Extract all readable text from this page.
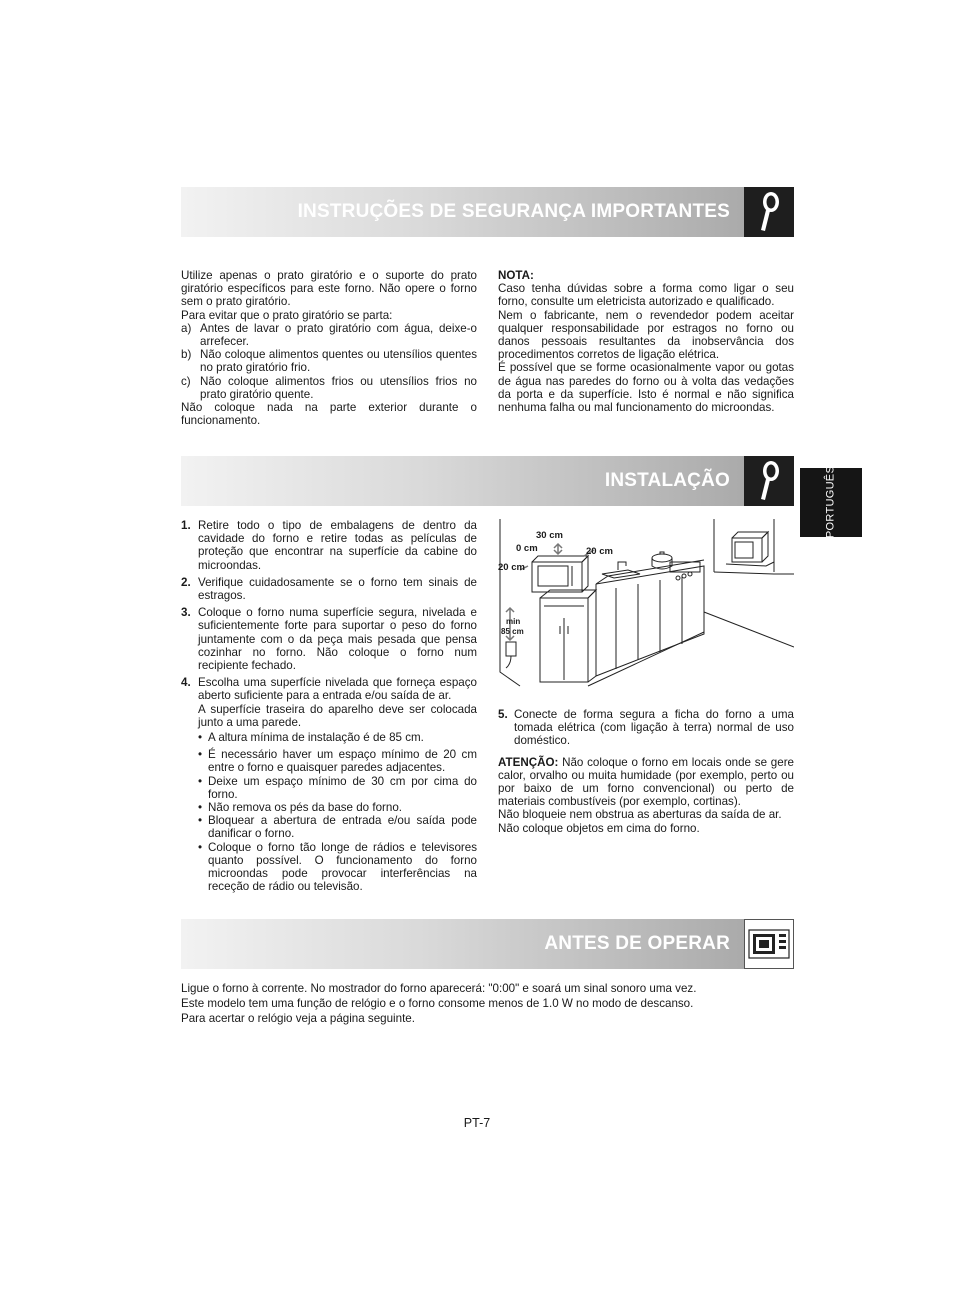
INSTRUÇÕES DE SEGURANÇA IMPORTANTES

Utilize apenas o prato giratório e o suporte do prato giratório específicos para este forno. Não opere o forno sem o prato giratório.

Para evitar que o prato giratório se parta:

a) Antes de lavar o prato giratório com água, deixe-o arrefecer.
b) Não coloque alimentos quentes ou utensílios quentes no prato giratório frio.
c) Não coloque alimentos frios ou utensílios frios no prato giratório quente.

Não coloque nada na parte exterior durante o funcionamento.

NOTA:

Caso tenha dúvidas sobre a forma como ligar o seu forno, consulte um eletricista autorizado e qualificado.

Nem o fabricante, nem o revendedor podem aceitar qualquer responsabilidade por estragos no forno ou danos pessoais resultantes da inobservância dos procedimentos corretos de ligação elétrica.

É possível que se forme ocasionalmente vapor ou gotas de água nas paredes do forno ou à volta das vedações da porta e da superfície. Isto é normal e não significa nenhuma falha ou mal funcionamento do microondas.

INSTALAÇÃO	PORTUGUÊS
1. Retire todo o tipo de embalagens de dentro da cavidade do forno e retire todas as películas de proteção que encontrar na superfície da cabine do microondas.
2. Verifique cuidadosamente se o forno tem sinais de estragos.
3. Coloque o forno numa superfície segura, nivelada e suficientemente forte para suportar o peso do forno juntamente com o da peça mais pesada que pensa cozinhar no forno. Não coloque o forno num recipiente fechado.
4. Escolha uma superfície nivelada que forneça espaço aberto suficiente para a entrada e/ou saída de ar.
A superfície traseira do aparelho deve ser colocada junto a uma parede.
• A altura mínima de instalação é de 85 cm.
• É necessário haver um espaço mínimo de 20 cm entre o forno e quaisquer paredes adjacentes.
• Deixe um espaço mínimo de 30 cm por cima do forno.
• Não remova os pés da base do forno.
• Bloquear a abertura de entrada e/ou saída pode danificar o forno.
• Coloque o forno tão longe de rádios e televisores quanto possível. O funcionamento do forno microondas pode provocar interferências na receção de rádio ou televisão.
30 cm
0 cm	20 cm
20 cm
min
85 cm
5. Conecte de forma segura a ficha do forno a uma tomada elétrica (com ligação à terra) normal de uso doméstico.

ATENÇÃO: Não coloque o forno em locais onde se gere calor, orvalho ou muita humidade (por exemplo, perto ou por baixo de um forno convencional) ou perto de materiais combustíveis (por exemplo, cortinas).

Não bloqueie nem obstrua as aberturas da saída de ar.

Não coloque objetos em cima do forno.

ANTES DE OPERAR

Ligue o forno à corrente. No mostrador do forno aparecerá: "0:00" e soará um sinal sonoro uma vez.

Este modelo tem uma função de relógio e o forno consome menos de 1.0 W no modo de descanso.

Para acertar o relógio veja a página seguinte.

PT-7
